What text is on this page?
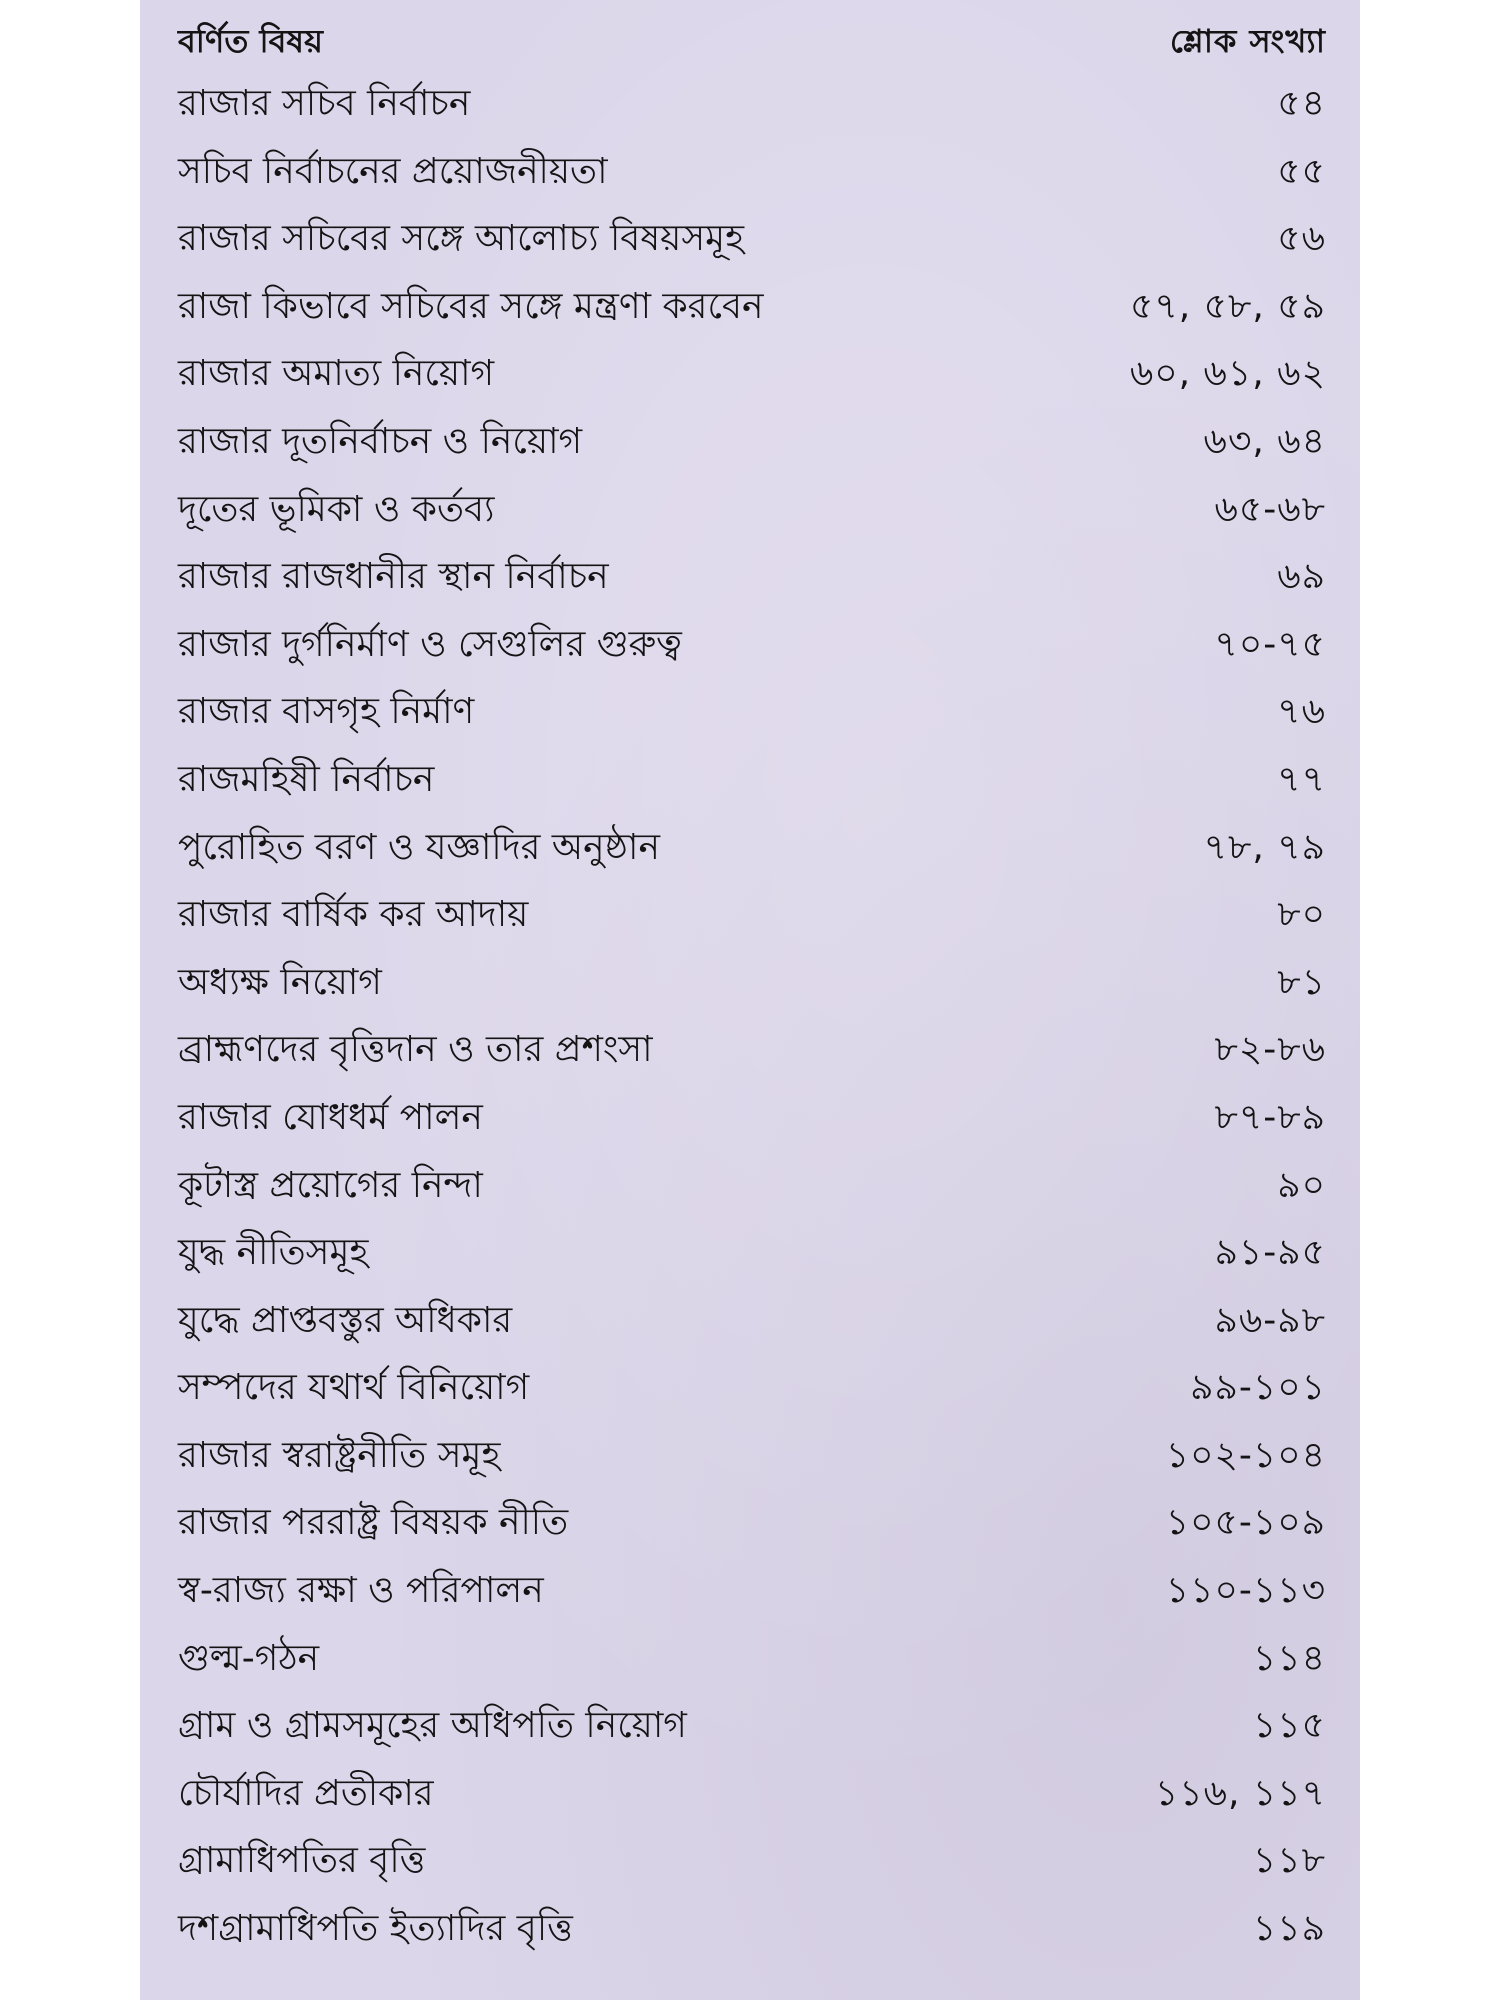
বর্ণিত বিষয়	শ্লোক সংখ্যা
রাজার সচিব নির্বাচন	৫৪
সচিব নির্বাচনের প্রয়োজনীয়তা	৫৫
রাজার সচিবের সঙ্গে আলোচ্য বিষয়সমূহ	৫৬
রাজা কিভাবে সচিবের সঙ্গে মন্ত্রণা করবেন	৫৭, ৫৮, ৫৯
রাজার অমাত্য নিয়োগ	৬০, ৬১, ৬২
রাজার দূতনির্বাচন ও নিয়োগ	৬৩, ৬৪
দূতের ভূমিকা ও কর্তব্য	৬৫-৬৮
রাজার রাজধানীর স্থান নির্বাচন	৬৯
রাজার দুর্গনির্মাণ ও সেগুলির গুরুত্ব	৭০-৭৫
রাজার বাসগৃহ নির্মাণ	৭৬
রাজমহিষী নির্বাচন	৭৭
পুরোহিত বরণ ও যজ্ঞাদির অনুষ্ঠান	৭৮, ৭৯
রাজার বার্ষিক কর আদায়	৮০
অধ্যক্ষ নিয়োগ	৮১
ব্রাহ্মণদের বৃত্তিদান ও তার প্রশংসা	৮২-৮৬
রাজার যোধধর্ম পালন	৮৭-৮৯
কূটাস্ত্র প্রয়োগের নিন্দা	৯০
যুদ্ধ নীতিসমূহ	৯১-৯৫
যুদ্ধে প্রাপ্তবস্তুর অধিকার	৯৬-৯৮
সম্পদের যথার্থ বিনিয়োগ	৯৯-১০১
রাজার স্বরাষ্ট্রনীতি সমূহ	১০২-১০৪
রাজার পররাষ্ট্র বিষয়ক নীতি	১০৫-১০৯
স্ব-রাজ্য রক্ষা ও পরিপালন	১১০-১১৩
গুল্ম-গঠন	১১৪
গ্রাম ও গ্রামসমূহের অধিপতি নিয়োগ	১১৫
চৌর্যাদির প্রতীকার	১১৬, ১১৭
গ্রামাধিপতির বৃত্তি	১১৮
দশগ্রামাধিপতি ইত্যাদির বৃত্তি	১১৯
